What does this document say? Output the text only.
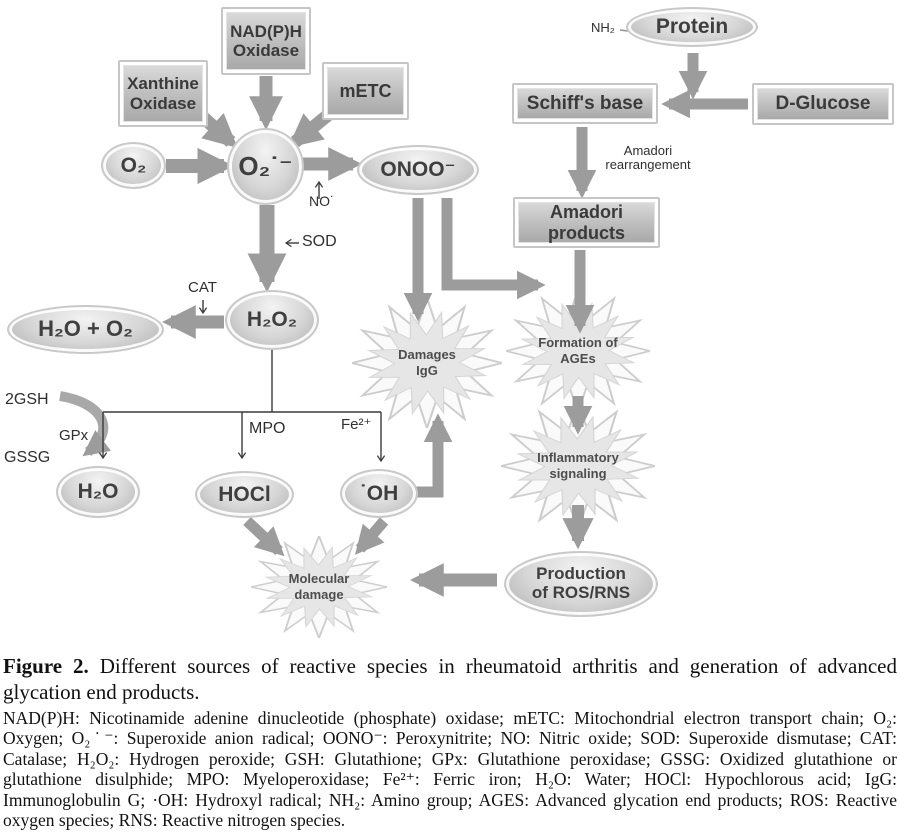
Damages IgG
Formation of AGEs
Inflammatory signaling
Molecular damage
Xanthine Oxidase
NAD(P)H Oxidase
mETC
Schiff's base	D-Glucose
Amadori products
O₂	O₂˙⁻	ONOO⁻
H₂O + O₂	H₂O₂
H₂O	HOCl	˙OH
Production of ROS/RNS
Protein
NH₂
Amadori rearrangement
NO˙
SOD
CAT
2GSH
GPx
GSSG
MPO	Fe²⁺
Figure 2. Different sources of reactive species in rheumatoid arthritis and generation of advanced glycation end products.
NAD(P)H: Nicotinamide adenine dinucleotide (phosphate) oxidase; mETC: Mitochondrial electron transport chain; O₂: Oxygen; O₂˙⁻: Superoxide anion radical; OONO⁻: Peroxynitrite; NO: Nitric oxide; SOD: Superoxide dismutase; CAT: Catalase; H₂O₂: Hydrogen peroxide; GSH: Glutathione; GPx: Glutathione peroxidase; GSSG: Oxidized glutathione or glutathione disulphide; MPO: Myeloperoxidase; Fe²⁺: Ferric iron; H₂O: Water; HOCl: Hypochlorous acid; IgG: Immunoglobulin G; ·OH: Hydroxyl radical; NH₂: Amino group; AGES: Advanced glycation end products; ROS: Reactive oxygen species; RNS: Reactive nitrogen species.
